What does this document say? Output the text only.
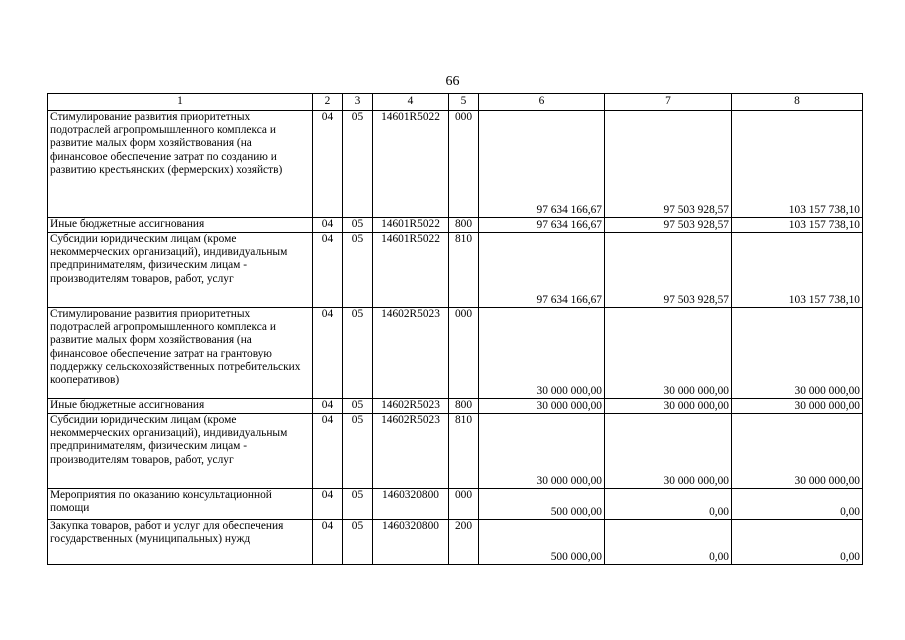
66
1	2	3	4	5	6	7	8
Стимулирование развития приоритетных подотраслей агропромышленного комплекса и развитие малых форм хозяйствования (на финансовое обеспечение затрат по созданию и развитию крестьянских (фермерских) хозяйств)	04	05	14601R5022	000	97 634 166,67	97 503 928,57	103 157 738,10
Иные бюджетные ассигнования	04	05	14601R5022	800	97 634 166,67	97 503 928,57	103 157 738,10
Субсидии юридическим лицам (кроме некоммерческих организаций), индивидуальным предпринимателям, физическим лицам - производителям товаров, работ, услуг	04	05	14601R5022	810	97 634 166,67	97 503 928,57	103 157 738,10
Стимулирование развития приоритетных подотраслей агропромышленного комплекса и развитие малых форм хозяйствования (на финансовое обеспечение затрат на грантовую поддержку сельскохозяйственных потребительских кооперативов)	04	05	14602R5023	000	30 000 000,00	30 000 000,00	30 000 000,00
Иные бюджетные ассигнования	04	05	14602R5023	800	30 000 000,00	30 000 000,00	30 000 000,00
Субсидии юридическим лицам (кроме некоммерческих организаций), индивидуальным предпринимателям, физическим лицам - производителям товаров, работ, услуг	04	05	14602R5023	810	30 000 000,00	30 000 000,00	30 000 000,00
Мероприятия по оказанию консультационной помощи	04	05	1460320800	000	500 000,00	0,00	0,00
Закупка товаров, работ и услуг для обеспечения государственных (муниципальных) нужд	04	05	1460320800	200	500 000,00	0,00	0,00
